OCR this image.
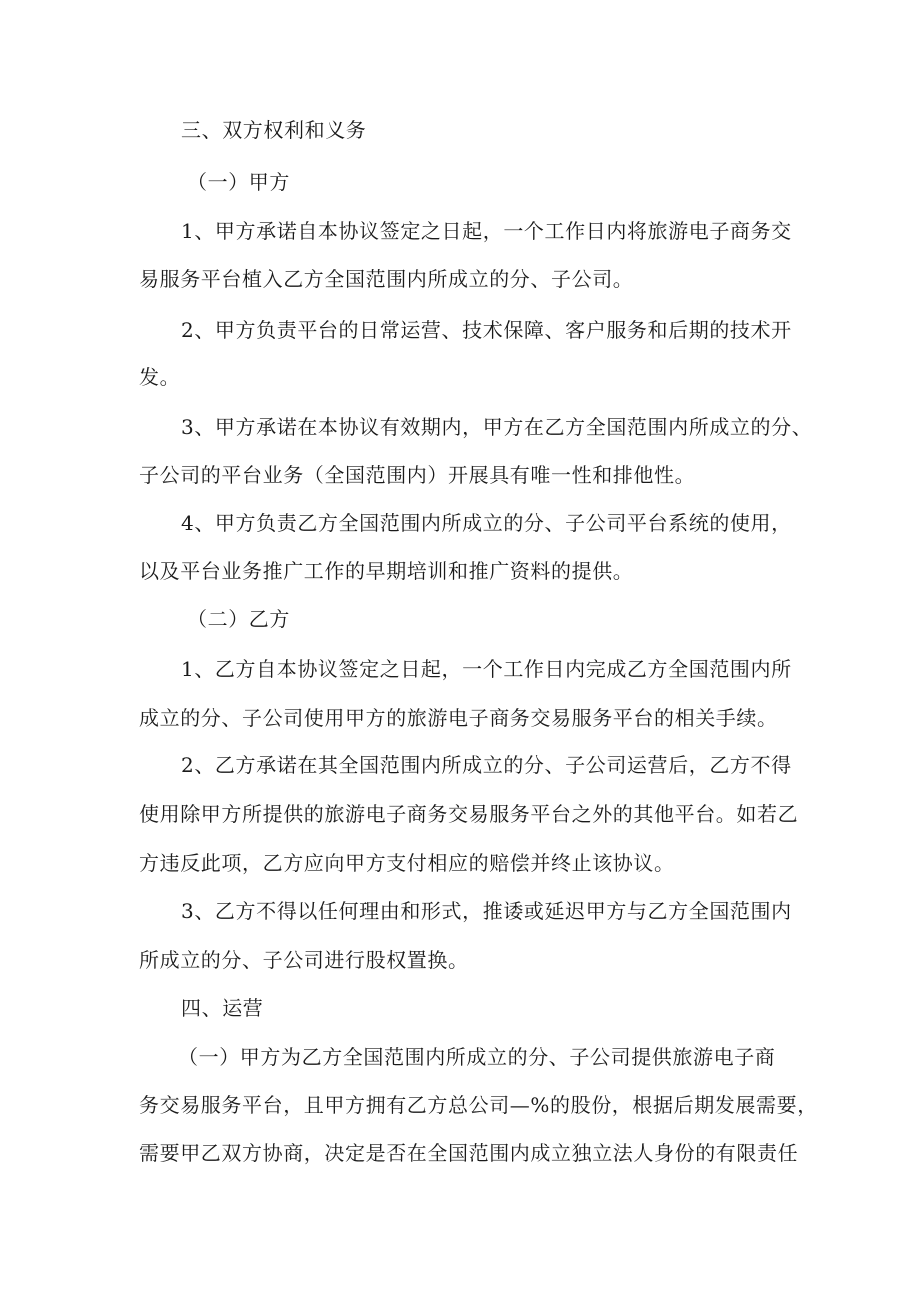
三、双方权利和义务
（一）甲方
1、甲方承诺自本协议签定之日起，一个工作日内将旅游电子商务交
易服务平台植入乙方全国范围内所成立的分、子公司。
2、甲方负责平台的日常运营、技术保障、客户服务和后期的技术开
发。
3、甲方承诺在本协议有效期内，甲方在乙方全国范围内所成立的分、
子公司的平台业务（全国范围内）开展具有唯一性和排他性。
4、甲方负责乙方全国范围内所成立的分、子公司平台系统的使用，
以及平台业务推广工作的早期培训和推广资料的提供。
（二）乙方
1、乙方自本协议签定之日起，一个工作日内完成乙方全国范围内所
成立的分、子公司使用甲方的旅游电子商务交易服务平台的相关手续。
2、乙方承诺在其全国范围内所成立的分、子公司运营后，乙方不得
使用除甲方所提供的旅游电子商务交易服务平台之外的其他平台。如若乙
方违反此项，乙方应向甲方支付相应的赔偿并终止该协议。
3、乙方不得以任何理由和形式，推诿或延迟甲方与乙方全国范围内
所成立的分、子公司进行股权置换。
四、运营
（一）甲方为乙方全国范围内所成立的分、子公司提供旅游电子商
务交易服务平台，且甲方拥有乙方总公司—%的股份，根据后期发展需要，
需要甲乙双方协商，决定是否在全国范围内成立独立法人身份的有限责任
